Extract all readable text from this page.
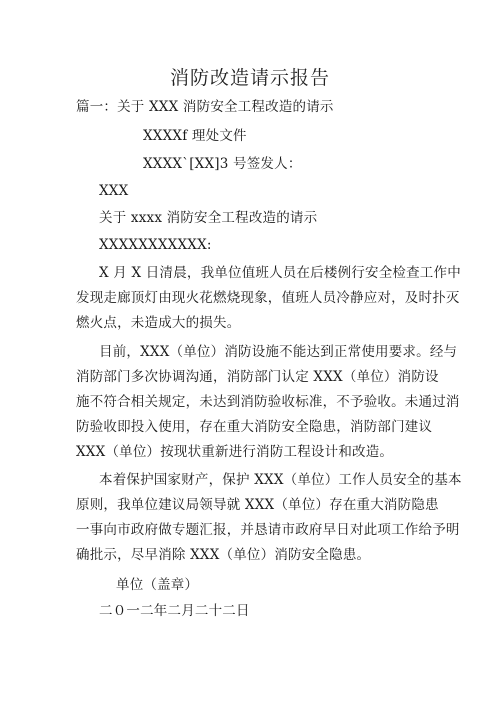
消防改造请示报告
篇一：关于 XXX 消防安全工程改造的请示
XXXXf 理处文件
XXXX`[XX]3 号签发人：
XXX
关于 xxxx 消防安全工程改造的请示
XXXXXXXXXXX:
X 月 X 日清晨，我单位值班人员在后楼例行安全检查工作中
发现走廊顶灯由现火花燃烧现象，值班人员冷静应对，及时扑灭
燃火点，未造成大的损失。
目前，XXX（单位）消防设施不能达到正常使用要求。经与
消防部门多次协调沟通，消防部门认定 XXX（单位）消防设
施不符合相关规定，未达到消防验收标准，不予验收。未通过消
防验收即投入使用，存在重大消防安全隐患，消防部门建议
XXX（单位）按现状重新进行消防工程设计和改造。
本着保护国家财产，保护 XXX（单位）工作人员安全的基本
原则，我单位建议局领导就 XXX（单位）存在重大消防隐患
一事向市政府做专题汇报，并恳请市政府早日对此项工作给予明
确批示，尽早消除 XXX（单位）消防安全隐患。
单位（盖章）
二０一二年二月二十二日
